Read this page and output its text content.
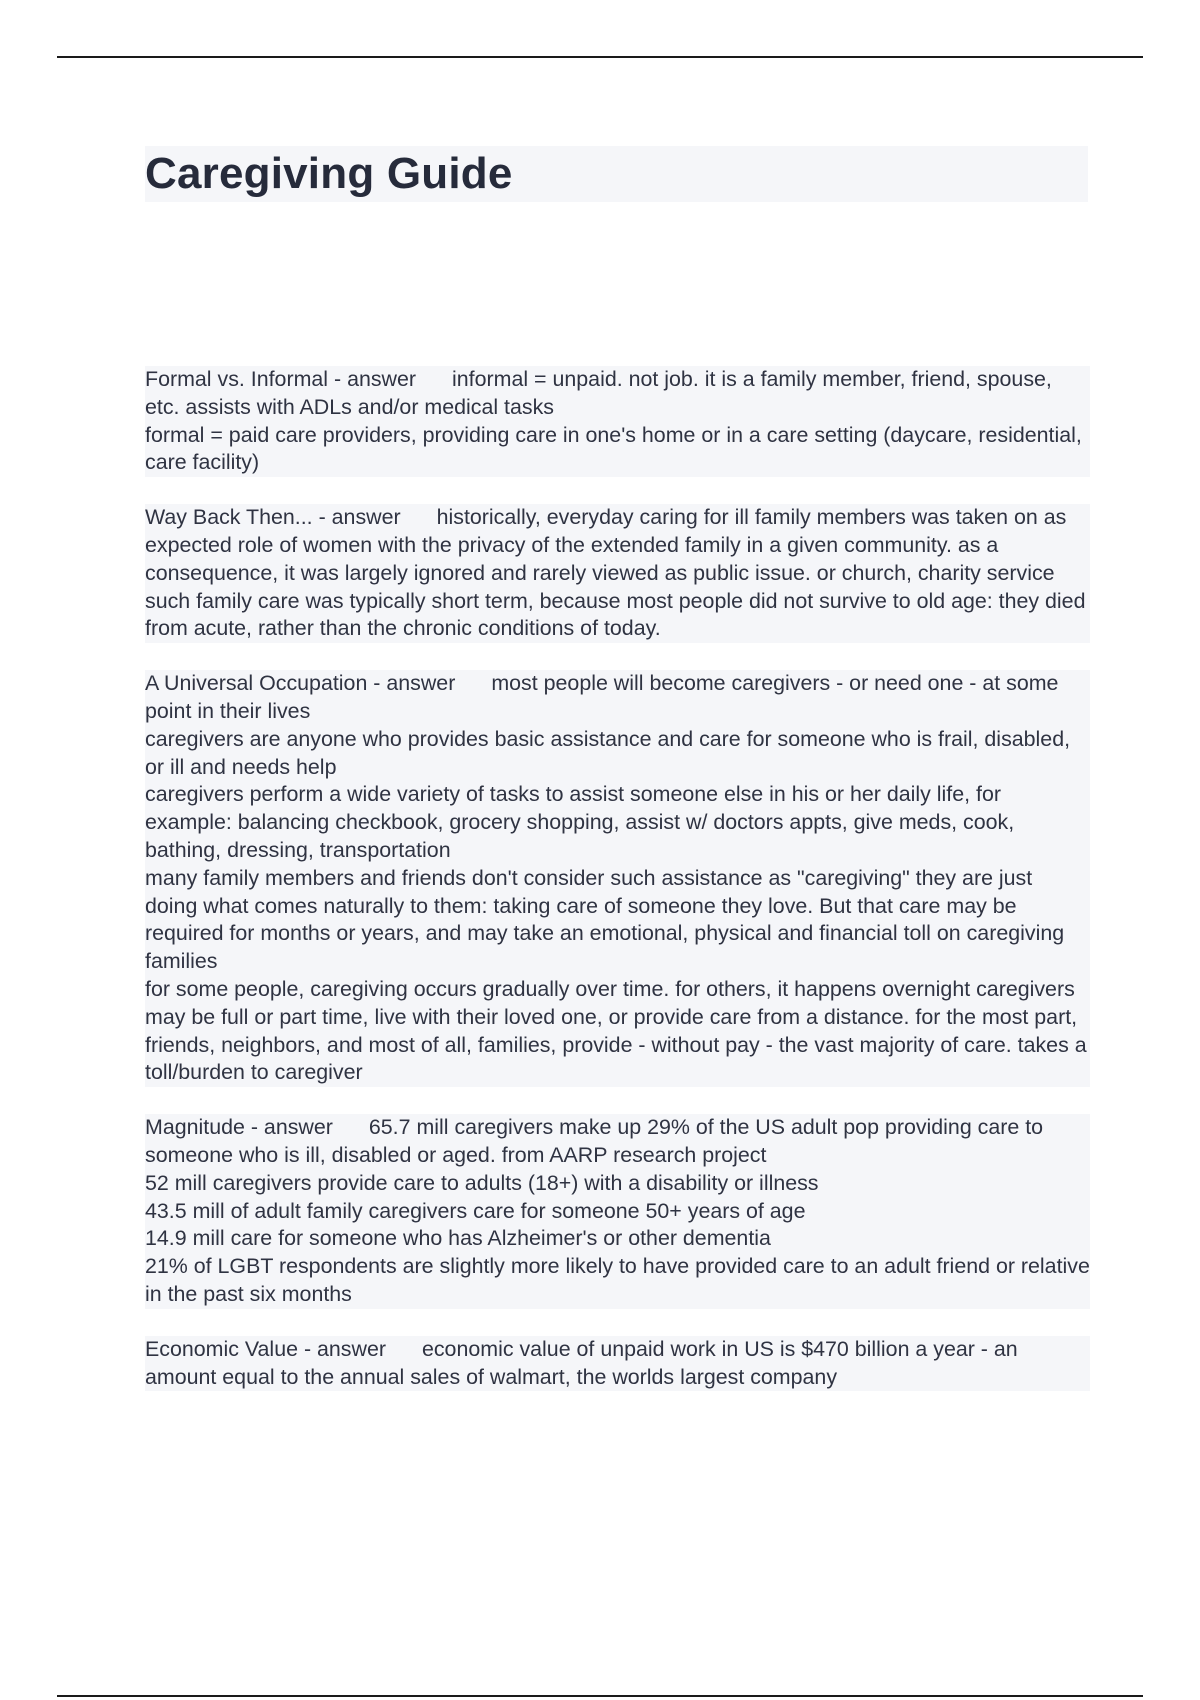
Caregiving Guide
Formal vs. Informal - answer informal = unpaid. not job. it is a family member, friend, spouse, etc. assists with ADLs and/or medical tasks
formal = paid care providers, providing care in one's home or in a care setting (daycare, residential, care facility)
Way Back Then... - answer historically, everyday caring for ill family members was taken on as expected role of women with the privacy of the extended family in a given community. as a consequence, it was largely ignored and rarely viewed as public issue. or church, charity service
such family care was typically short term, because most people did not survive to old age: they died from acute, rather than the chronic conditions of today.
A Universal Occupation - answer most people will become caregivers - or need one - at some point in their lives
caregivers are anyone who provides basic assistance and care for someone who is frail, disabled, or ill and needs help
caregivers perform a wide variety of tasks to assist someone else in his or her daily life, for example: balancing checkbook, grocery shopping, assist w/ doctors appts, give meds, cook, bathing, dressing, transportation
many family members and friends don't consider such assistance as "caregiving" they are just doing what comes naturally to them: taking care of someone they love. But that care may be required for months or years, and may take an emotional, physical and financial toll on caregiving families
for some people, caregiving occurs gradually over time. for others, it happens overnight caregivers may be full or part time, live with their loved one, or provide care from a distance. for the most part, friends, neighbors, and most of all, families, provide - without pay - the vast majority of care. takes a toll/burden to caregiver
Magnitude - answer 65.7 mill caregivers make up 29% of the US adult pop providing care to someone who is ill, disabled or aged. from AARP research project
52 mill caregivers provide care to adults (18+) with a disability or illness
43.5 mill of adult family caregivers care for someone 50+ years of age
14.9 mill care for someone who has Alzheimer's or other dementia
21% of LGBT respondents are slightly more likely to have provided care to an adult friend or relative in the past six months
Economic Value - answer economic value of unpaid work in US is $470 billion a year - an amount equal to the annual sales of walmart, the worlds largest company
